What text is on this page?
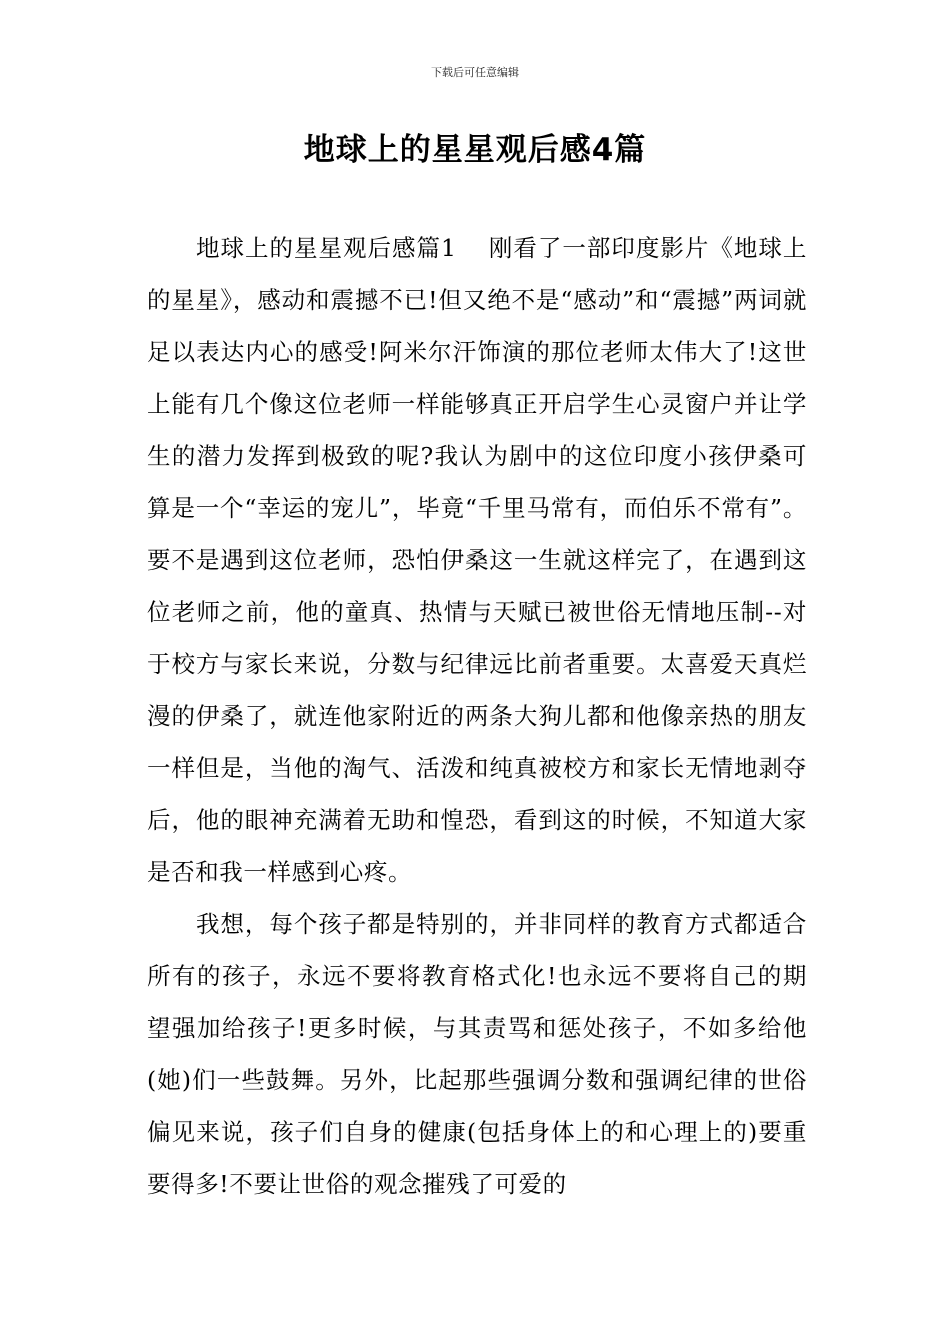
下载后可任意编辑
地球上的星星观后感4篇

地球上的星星观后感篇1 刚看了一部印度影片《地球上的星星》，感动和震撼不已!但又绝不是“感动”和“震撼”两词就足以表达内心的感受!阿米尔汗饰演的那位老师太伟大了!这世上能有几个像这位老师一样能够真正开启学生心灵窗户并让学生的潜力发挥到极致的呢?我认为剧中的这位印度小孩伊桑可算是一个“幸运的宠儿”，毕竟“千里马常有，而伯乐不常有”。要不是遇到这位老师，恐怕伊桑这一生就这样完了，在遇到这位老师之前，他的童真、热情与天赋已被世俗无情地压制--对于校方与家长来说，分数与纪律远比前者重要。太喜爱天真烂漫的伊桑了，就连他家附近的两条大狗儿都和他像亲热的朋友一样但是，当他的淘气、活泼和纯真被校方和家长无情地剥夺后，他的眼神充满着无助和惶恐，看到这的时候，不知道大家是否和我一样感到心疼。

我想，每个孩子都是特别的，并非同样的教育方式都适合所有的孩子，永远不要将教育格式化!也永远不要将自己的期望强加给孩子!更多时候，与其责骂和惩处孩子，不如多给他(她)们一些鼓舞。另外，比起那些强调分数和强调纪律的世俗偏见来说，孩子们自身的健康(包括身体上的和心理上的)要重要得多!不要让世俗的观念摧残了可爱的
